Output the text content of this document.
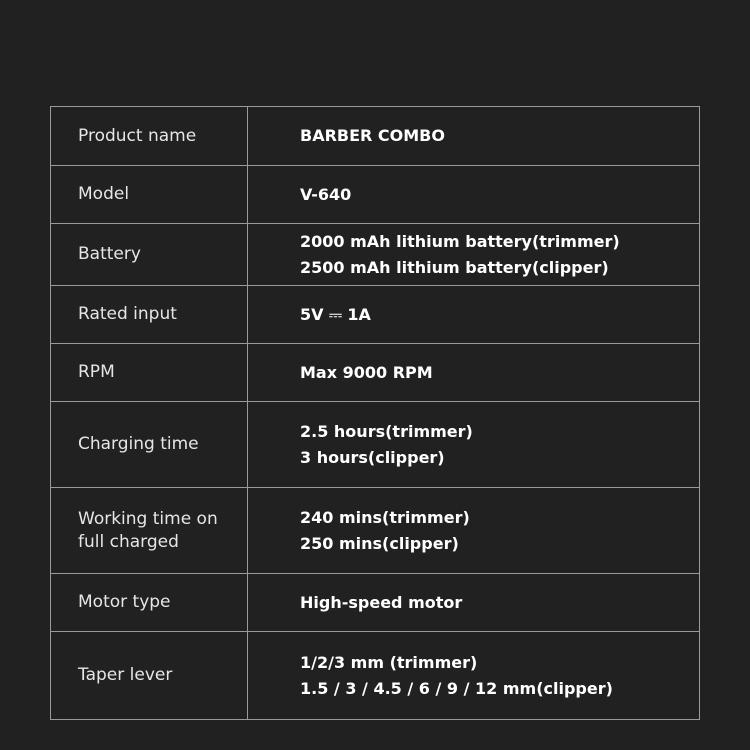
Product name	BARBER COMBO

Model	V-640

Battery	2000 mAh lithium battery(trimmer)
2500 mAh lithium battery(clipper)

Rated input	5V ⎓ 1A

RPM	Max 9000 RPM

Charging time	2.5 hours(trimmer)
3 hours(clipper)

Working time on
full charged	240 mins(trimmer)
250 mins(clipper)

Motor type	High-speed motor

Taper lever	1/2/3 mm (trimmer)
1.5 / 3 / 4.5 / 6 / 9 / 12 mm(clipper)
